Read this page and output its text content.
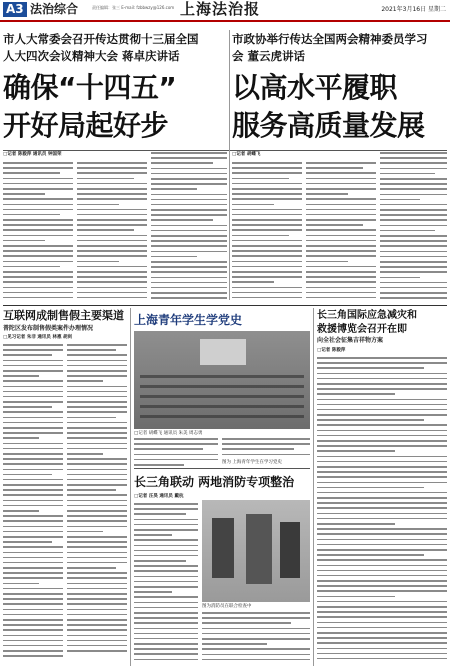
A3 法治综合	责任编辑：张三 E-mail: fzbbwzy@126.com 上海法治报	2021年3月16日 星期二
市人大常委会召开传达贯彻十三届全国
人大四次会议精神大会 蒋卓庆讲话
确保“十四五”
开好局起好步
市政协举行传达全国两会精神委员学习
会 董云虎讲话
以高水平履职
服务高质量发展
□记者 陈毅萍 通讯员 钟国荣	□记者 胡蝶飞
互联网成制售假主要渠道
普陀区发布制售假类案件办理情况
□见习记者 朱非 通讯员 林惠 胡剑
上海青年学生学党史
□记者 胡蝶飞 通讯员 朱美 周志勇
图为 上海青年学生在学习党史
长三角国际应急减灾和
救援博览会召开在即
向全社会征集吉祥物方案
□记者 陈毅萍
长三角联动 两地消防专项整治
□记者 汪昊 通讯员 戴杭
图为消防员在联合检查中
